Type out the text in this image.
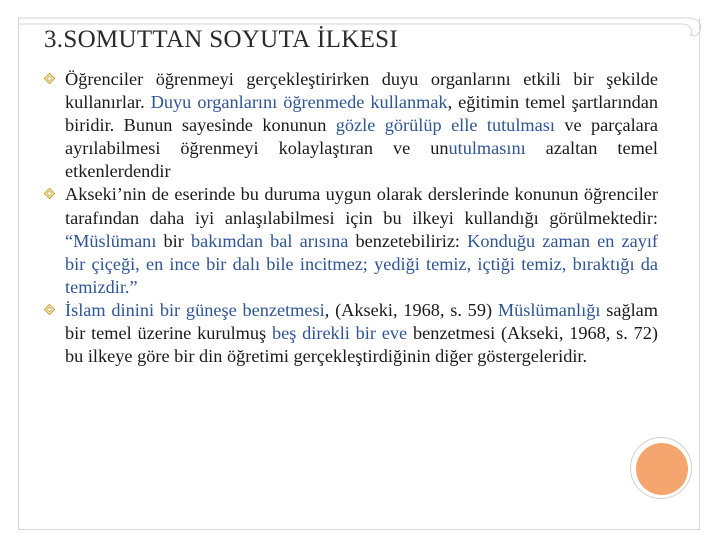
3.SOMUTTAN SOYUTA İLKESI
Öğrenciler öğrenmeyi gerçekleştirirken duyu organlarını etkili bir şekilde kullanırlar. Duyu organlarını öğrenmede kullanmak, eğitimin temel şartlarından biridir. Bunun sayesinde konunun gözle görülüp elle tutulması ve parçalara ayrılabilmesi öğrenmeyi kolaylaştıran ve unutulmasını azaltan temel etkenlerdendir
Akseki’nin de eserinde bu duruma uygun olarak derslerinde konunun öğrenciler tarafından daha iyi anlaşılabilmesi için bu ilkeyi kullandığı görülmektedir: “Müslümanı bir bakımdan bal arısına benzetebiliriz: Konduğu zaman en zayıf bir çiçeği, en ince bir dalı bile incitmez; yediği temiz, içtiği temiz, bıraktığı da temizdir.”
İslam dinini bir güneşe benzetmesi, (Akseki, 1968, s. 59) Müslümanlığı sağlam bir temel üzerine kurulmuş beş direkli bir eve benzetmesi (Akseki, 1968, s. 72) bu ilkeye göre bir din öğretimi gerçekleştirdiğinin diğer göstergeleridir.
